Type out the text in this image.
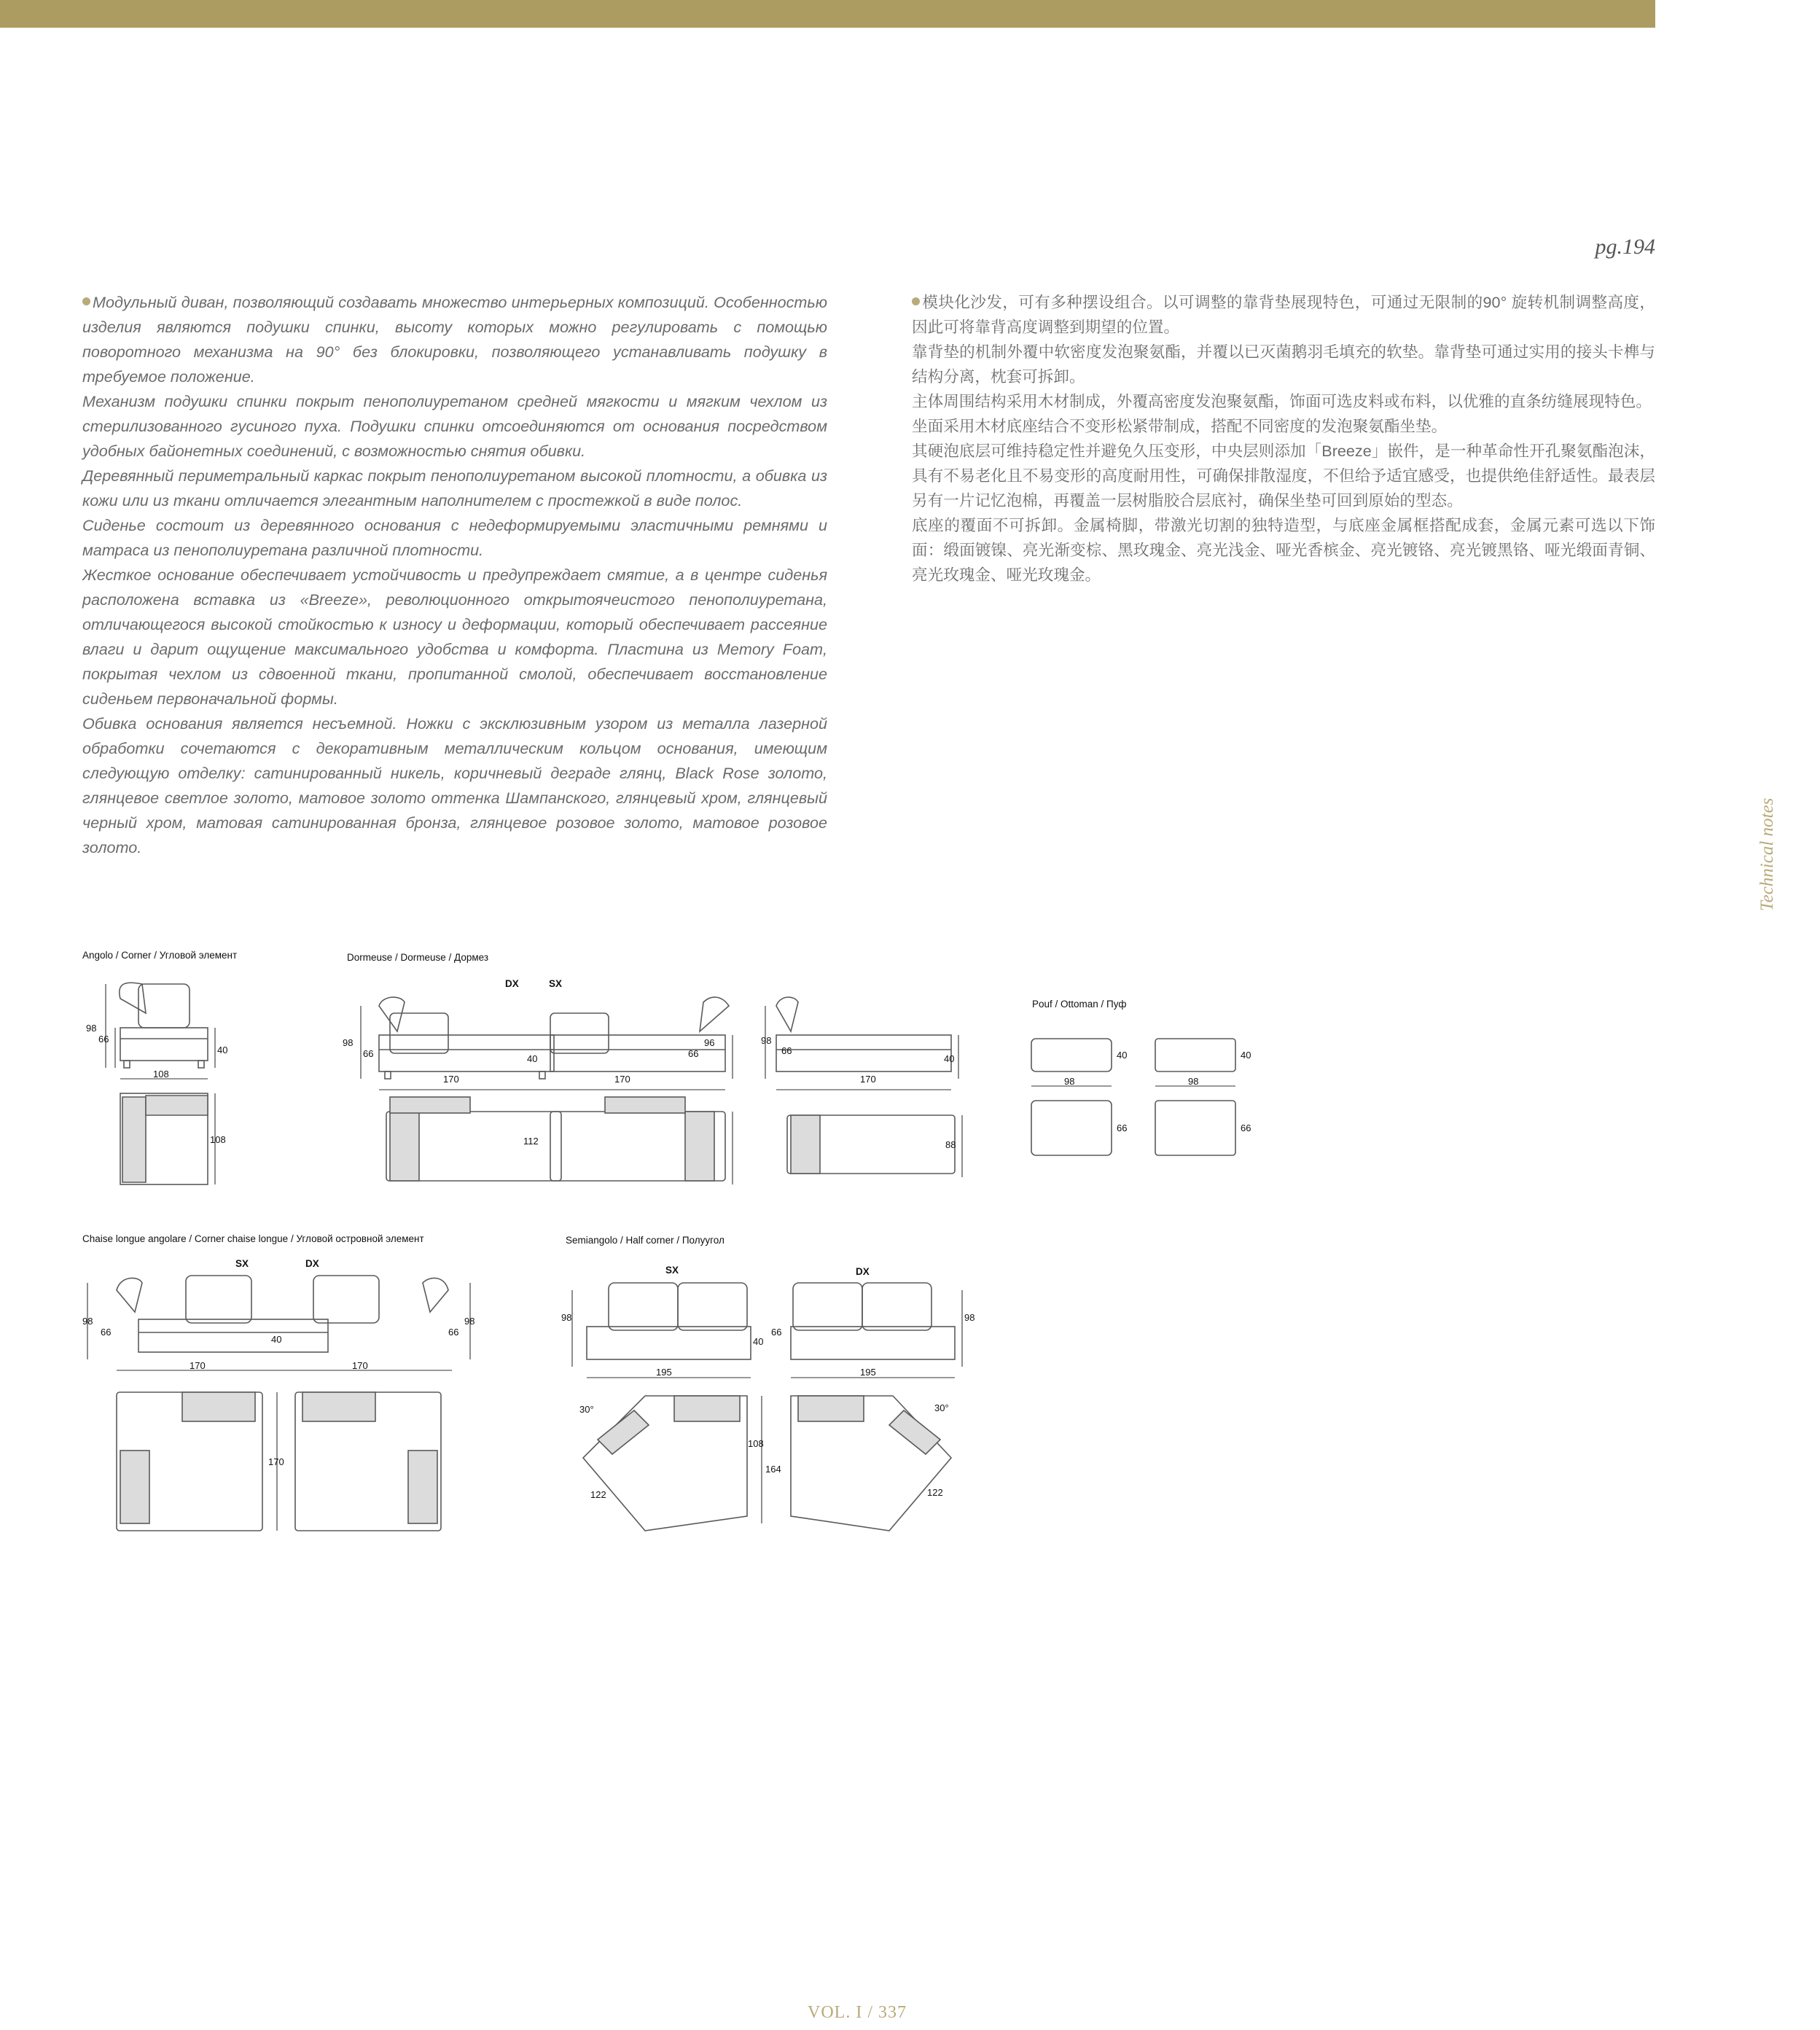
pg.194
Technical notes

Модульный диван, позволяющий создавать множество интерьерных композиций. Особенностью изделия являются подушки спинки, высоту которых можно регулировать с помощью поворотного механизма на 90° без блокировки, позволяющего устанавливать подушку в требуемое положение.

Механизм подушки спинки покрыт пенополиуретаном средней мягкости и мягким чехлом из стерилизованного гусиного пуха. Подушки спинки отсоединяются от основания посредством удобных байонетных соединений, с возможностью снятия обивки.

Деревянный периметральный каркас покрыт пенополиуретаном высокой плотности, а обивка из кожи или из ткани отличается элегантным наполнителем с простежкой в виде полос.

Сиденье состоит из деревянного основания с недеформируемыми эластичными ремнями и матраса из пенополиуретана различной плотности.

Жесткое основание обеспечивает устойчивость и предупреждает смятие, а в центре сиденья расположена вставка из «Breeze», революционного открытоячеистого пенополиуретана, отличающегося высокой стойкостью к износу и деформации, который обеспечивает рассеяние влаги и дарит ощущение максимального удобства и комфорта. Пластина из Memory Foam, покрытая чехлом из сдвоенной ткани, пропитанной смолой, обеспечивает восстановление сиденьем первоначальной формы.

Обивка основания является несъемной. Ножки с эксклюзивным узором из металла лазерной обработки сочетаются с декоративным металлическим кольцом основания, имеющим следующую отделку: сатинированный никель, коричневый деграде глянц, Black Rose золото, глянцевое светлое золото, матовое золото оттенка Шампанского, глянцевый хром, глянцевый черный хром, матовая сатинированная бронза, глянцевое розовое золото, матовое розовое золото.

模块化沙发，可有多种摆设组合。以可调整的靠背垫展现特色，可通过无限制的90° 旋转机制调整高度，因此可将靠背高度调整到期望的位置。

靠背垫的机制外覆中软密度发泡聚氨酯，并覆以已灭菌鹅羽毛填充的软垫。靠背垫可通过实用的接头卡榫与结构分离，枕套可拆卸。

主体周围结构采用木材制成，外覆高密度发泡聚氨酯，饰面可选皮料或布料，以优雅的直条纺缝展现特色。

坐面采用木材底座结合不变形松紧带制成，搭配不同密度的发泡聚氨酯坐垫。

其硬泡底层可维持稳定性并避免久压变形，中央层则添加「Breeze」嵌件，是一种革命性开孔聚氨酯泡沫，具有不易老化且不易变形的高度耐用性，可确保排散湿度，不但给予适宜感受，也提供绝佳舒适性。最表层另有一片记忆泡棉，再覆盖一层树脂胶合层底衬，确保坐垫可回到原始的型态。

底座的覆面不可拆卸。金属椅脚，带激光切割的独特造型，与底座金属框搭配成套，金属元素可选以下饰面：缎面镀镍、亮光渐变棕、黑玫瑰金、亮光浅金、哑光香槟金、亮光镀铬、亮光镀黑铬、哑光缎面青铜、亮光玫瑰金、哑光玫瑰金。

Angolo / Corner / Угловой элемент
98
66
40
108
108
Dormeuse / Dormeuse / Дормез
DX	SX
98
66	40
170
112
96
66
170
98
66
40
170
88
Pouf / Ottoman / Пуф
40
98
66
40
98
66
Chaise longue angolare / Corner chaise longue / Угловой островной элемент
SX	DX
98
66
40
66
98
170	170
170
Semiangolo / Half corner / Полуугол
SX	DX
98
40
66
98
195	195
30°	30°
108
164
122	122
VOL. I / 337
